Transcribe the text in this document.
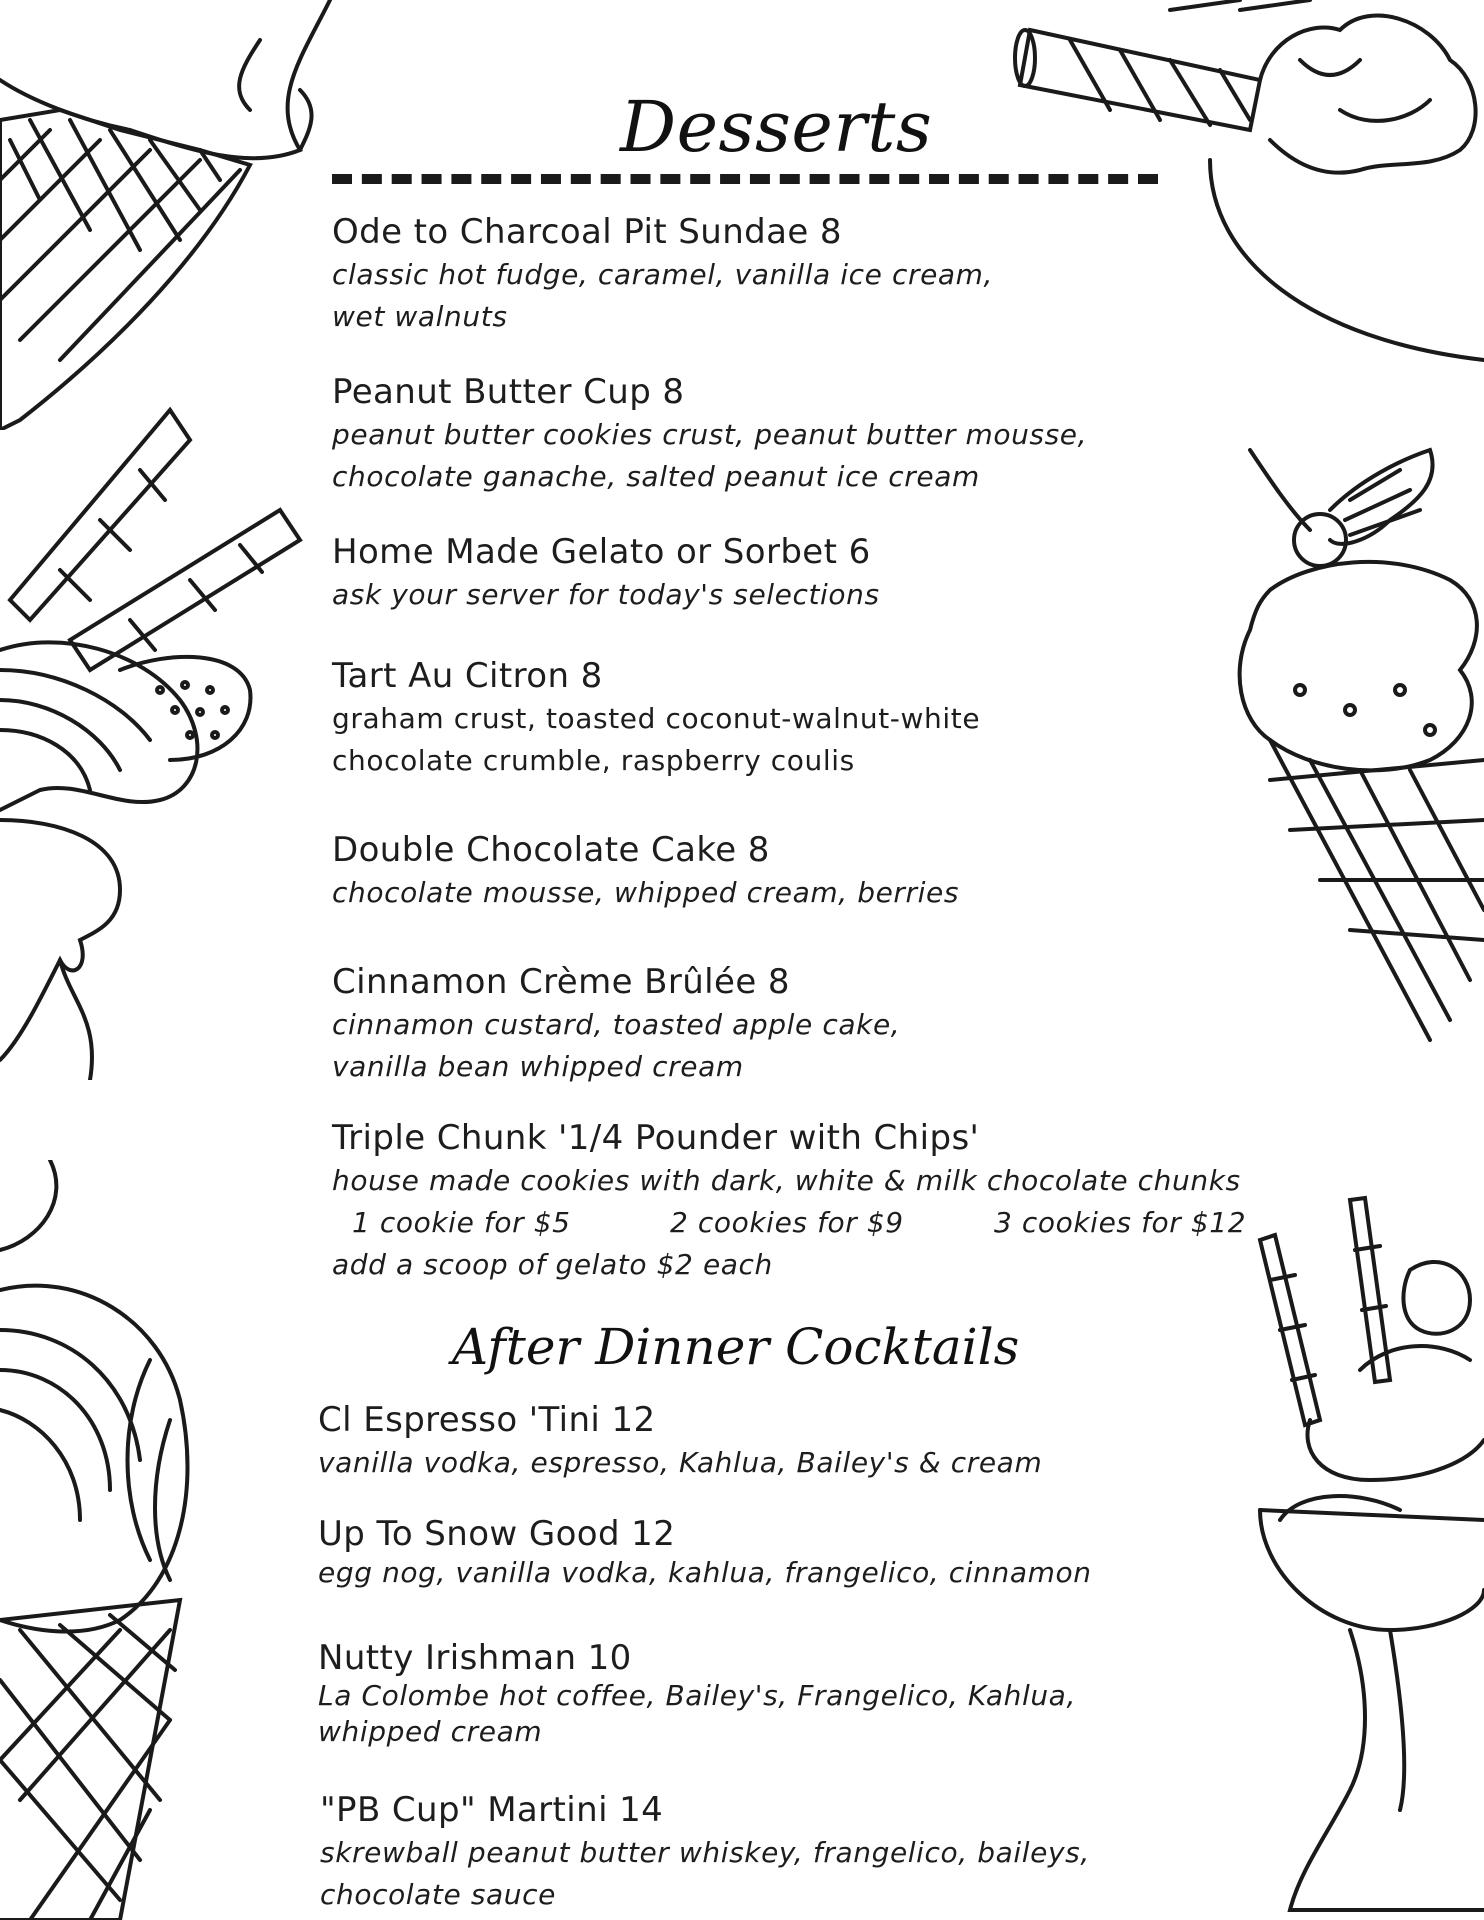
Desserts
Ode to Charcoal Pit Sundae 8
classic hot fudge, caramel, vanilla ice cream,
wet walnuts
Peanut Butter Cup 8
peanut butter cookies crust, peanut butter mousse,
chocolate ganache, salted peanut ice cream
Home Made Gelato or Sorbet 6
ask your server for today's selections
Tart Au Citron 8
graham crust, toasted coconut-walnut-white
chocolate crumble, raspberry coulis
Double Chocolate Cake 8
chocolate mousse, whipped cream, berries
Cinnamon Crème Brûlée 8
cinnamon custard, toasted apple cake,
vanilla bean whipped cream
Triple Chunk '1/4 Pounder with Chips'
house made cookies with dark, white & milk chocolate chunks
1 cookie for $5	2 cookies for $9	3 cookies for $12
add a scoop of gelato $2 each
After Dinner Cocktails
Cl Espresso 'Tini 12
vanilla vodka, espresso, Kahlua, Bailey's & cream
Up To Snow Good 12
egg nog, vanilla vodka, kahlua, frangelico, cinnamon
Nutty Irishman 10
La Colombe hot coffee, Bailey's, Frangelico, Kahlua,
whipped cream
"PB Cup" Martini 14
skrewball peanut butter whiskey, frangelico, baileys,
chocolate sauce
